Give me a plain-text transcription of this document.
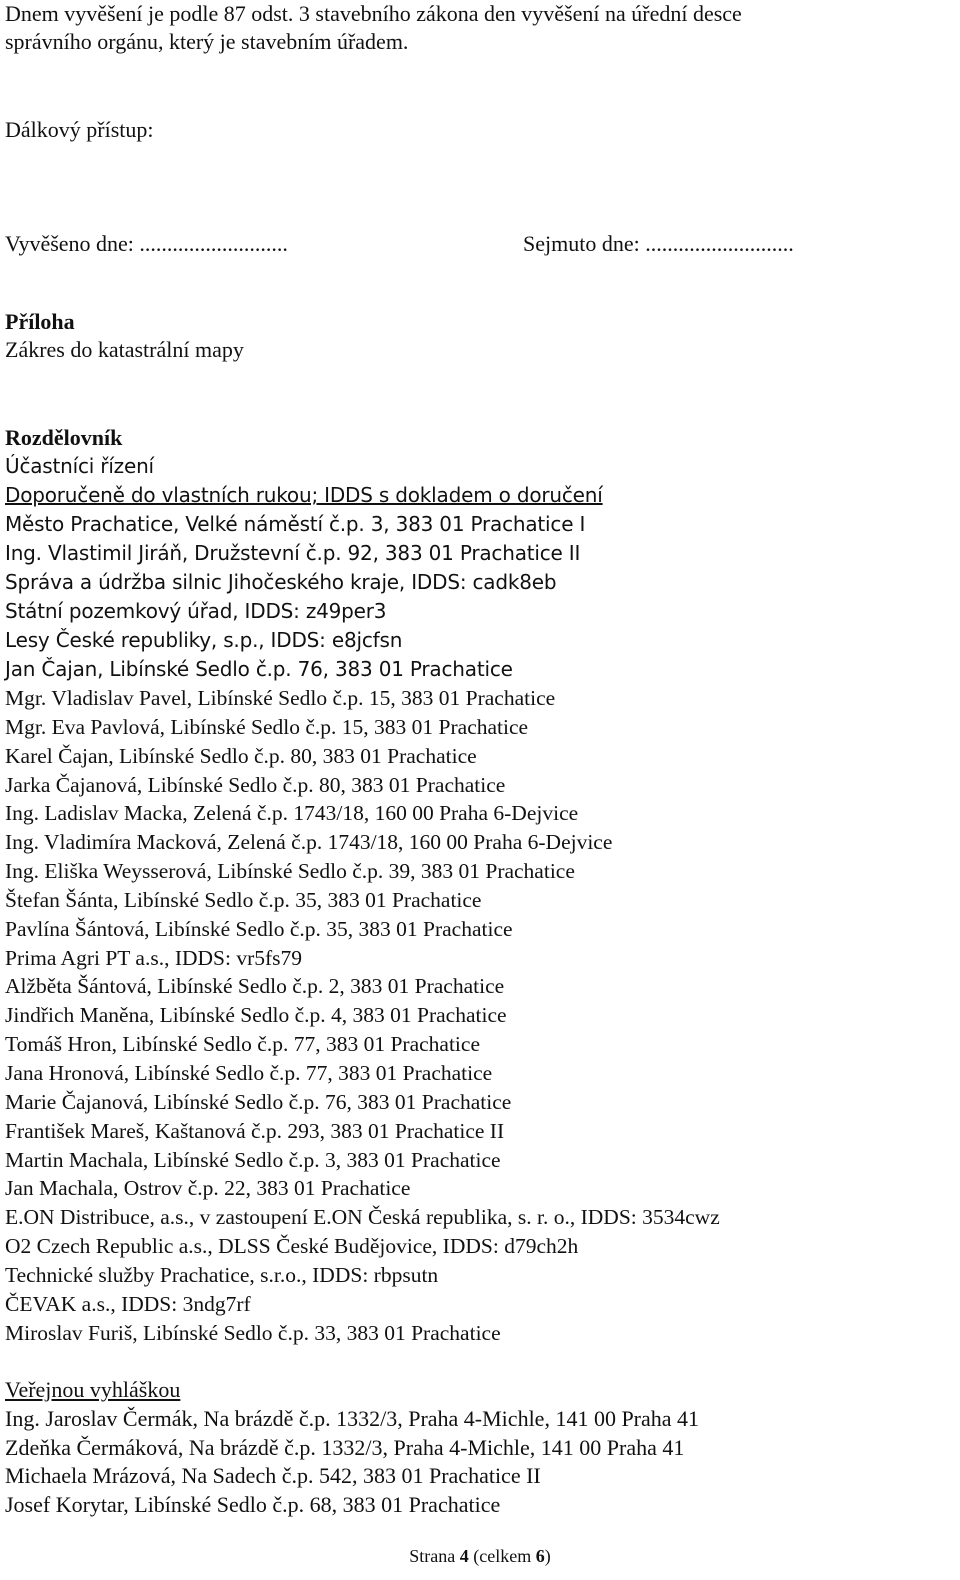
Dnem vyvěšení je podle 87 odst. 3 stavebního zákona den vyvěšení na úřední desce

správního orgánu, který je stavebním úřadem.

Dálkový přístup:
Vyvěšeno dne: ...........................	Sejmuto dne: ...........................
Příloha
Zákres do katastrální mapy
Rozdělovník
Účastníci řízení
Doporučeně do vlastních rukou; IDDS s dokladem o doručení
Město Prachatice, Velké náměstí č.p. 3, 383 01 Prachatice I
Ing. Vlastimil Jiráň, Družstevní č.p. 92, 383 01 Prachatice II
Správa a údržba silnic Jihočeského kraje, IDDS: cadk8eb
Státní pozemkový úřad, IDDS: z49per3
Lesy České republiky, s.p., IDDS: e8jcfsn
Jan Čajan, Libínské Sedlo č.p. 76, 383 01 Prachatice
Mgr. Vladislav Pavel, Libínské Sedlo č.p. 15, 383 01 Prachatice
Mgr. Eva Pavlová, Libínské Sedlo č.p. 15, 383 01 Prachatice
Karel Čajan, Libínské Sedlo č.p. 80, 383 01 Prachatice
Jarka Čajanová, Libínské Sedlo č.p. 80, 383 01 Prachatice
Ing. Ladislav Macka, Zelená č.p. 1743/18, 160 00 Praha 6-Dejvice
Ing. Vladimíra Macková, Zelená č.p. 1743/18, 160 00 Praha 6-Dejvice
Ing. Eliška Weysserová, Libínské Sedlo č.p. 39, 383 01 Prachatice
Štefan Šánta, Libínské Sedlo č.p. 35, 383 01 Prachatice
Pavlína Šántová, Libínské Sedlo č.p. 35, 383 01 Prachatice
Prima Agri PT a.s., IDDS: vr5fs79
Alžběta Šántová, Libínské Sedlo č.p. 2, 383 01 Prachatice
Jindřich Maněna, Libínské Sedlo č.p. 4, 383 01 Prachatice
Tomáš Hron, Libínské Sedlo č.p. 77, 383 01 Prachatice
Jana Hronová, Libínské Sedlo č.p. 77, 383 01 Prachatice
Marie Čajanová, Libínské Sedlo č.p. 76, 383 01 Prachatice
František Mareš, Kaštanová č.p. 293, 383 01 Prachatice II
Martin Machala, Libínské Sedlo č.p. 3, 383 01 Prachatice
Jan Machala, Ostrov č.p. 22, 383 01 Prachatice
E.ON Distribuce, a.s., v zastoupení E.ON Česká republika, s. r. o., IDDS: 3534cwz
O2 Czech Republic a.s., DLSS České Budějovice, IDDS: d79ch2h
Technické služby Prachatice, s.r.o., IDDS: rbpsutn
ČEVAK a.s., IDDS: 3ndg7rf
Miroslav Furiš, Libínské Sedlo č.p. 33, 383 01 Prachatice
Veřejnou vyhláškou
Ing. Jaroslav Čermák, Na brázdě č.p. 1332/3, Praha 4-Michle, 141 00 Praha 41
Zdeňka Čermáková, Na brázdě č.p. 1332/3, Praha 4-Michle, 141 00 Praha 41
Michaela Mrázová, Na Sadech č.p. 542, 383 01 Prachatice II
Josef Korytar, Libínské Sedlo č.p. 68, 383 01 Prachatice
Strana 4 (celkem 6)
